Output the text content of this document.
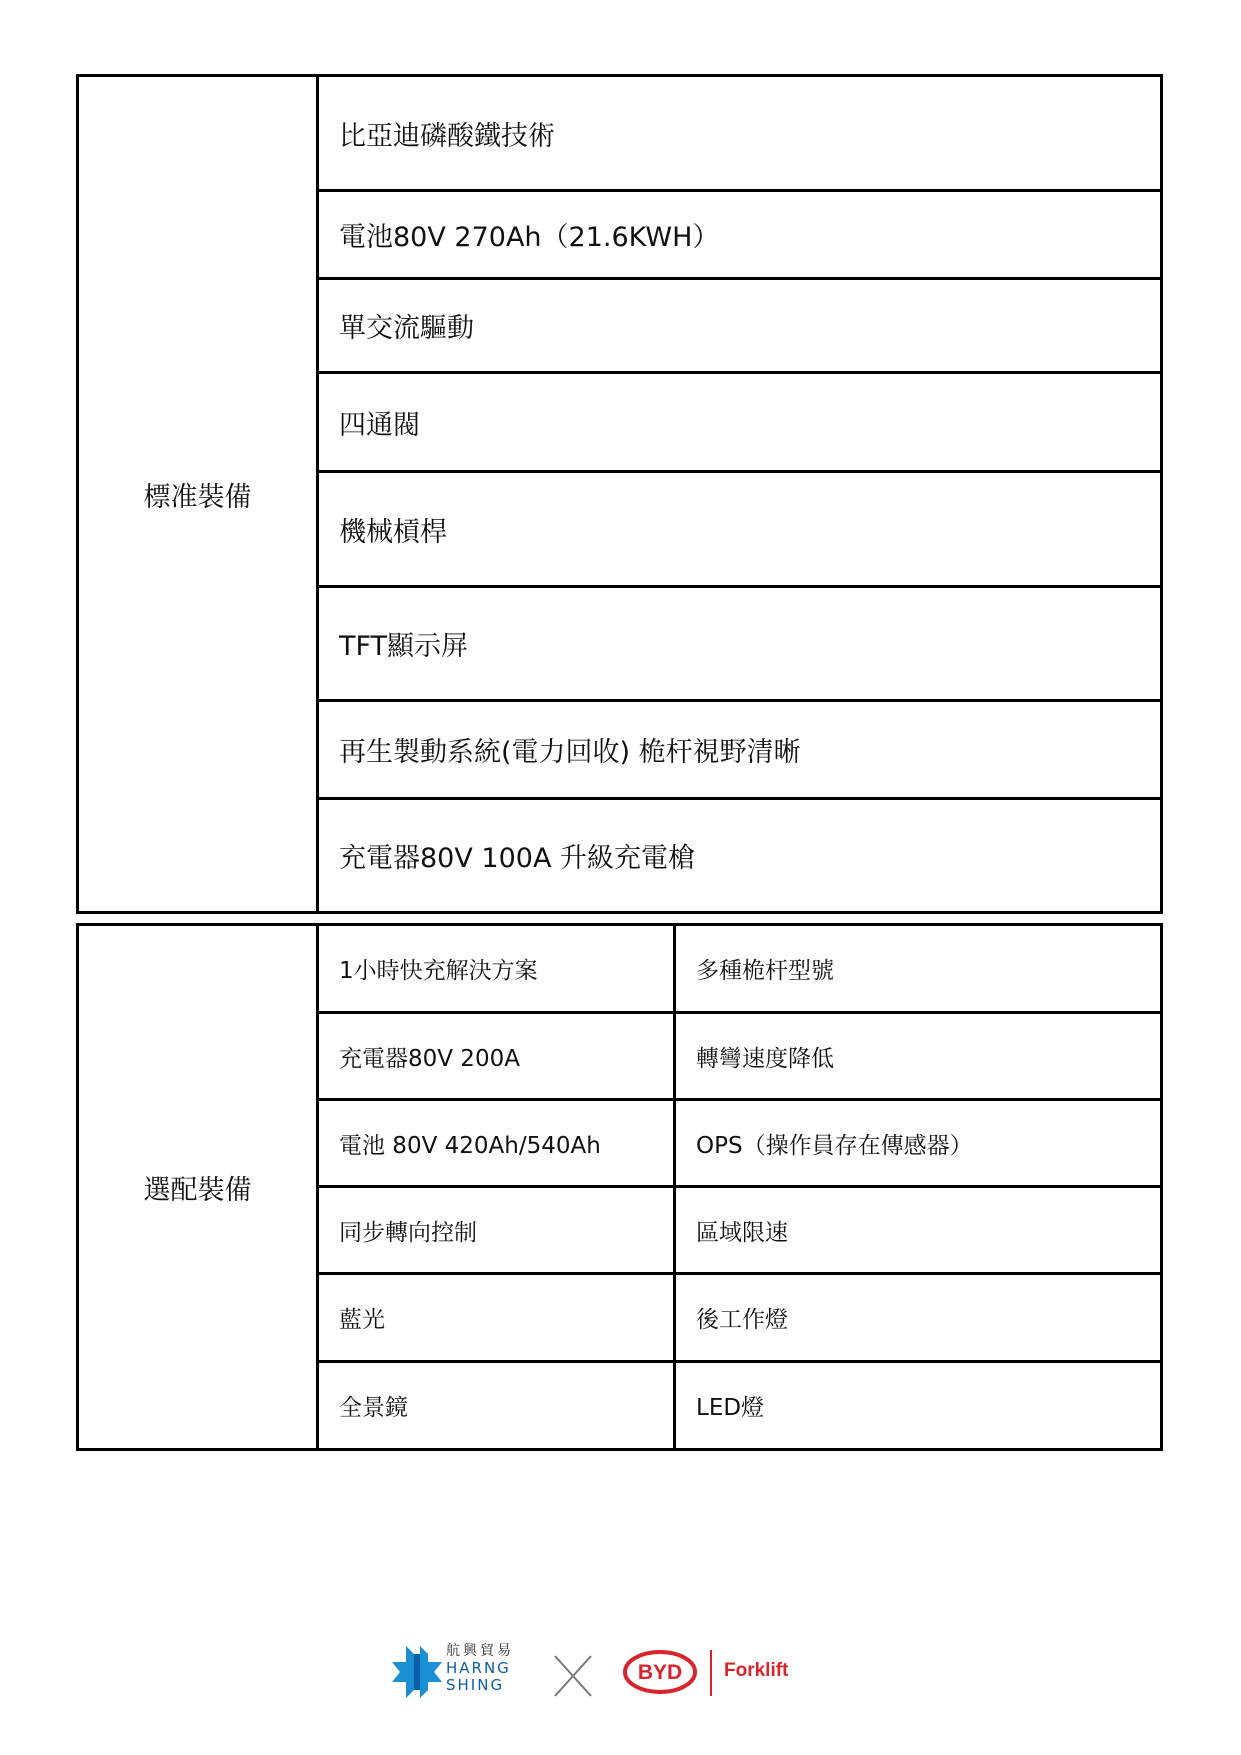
標准裝備
比亞迪磷酸鐵技術
電池80V 270Ah（21.6KWH）
單交流驅動
四通閥
機械槓桿
TFT顯示屏
再生製動系統(電力回收) 桅杆視野清晰
充電器80V 100A 升級充電槍
選配裝備
1小時快充解決方案	多種桅杆型號
充電器80V 200A	轉彎速度降低
電池 80V 420Ah/540Ah	OPS（操作員存在傳感器）
同步轉向控制	區域限速
藍光	後工作燈
全景鏡	LED燈
航興貿易
HARNG
SHING
BYD Forklift
